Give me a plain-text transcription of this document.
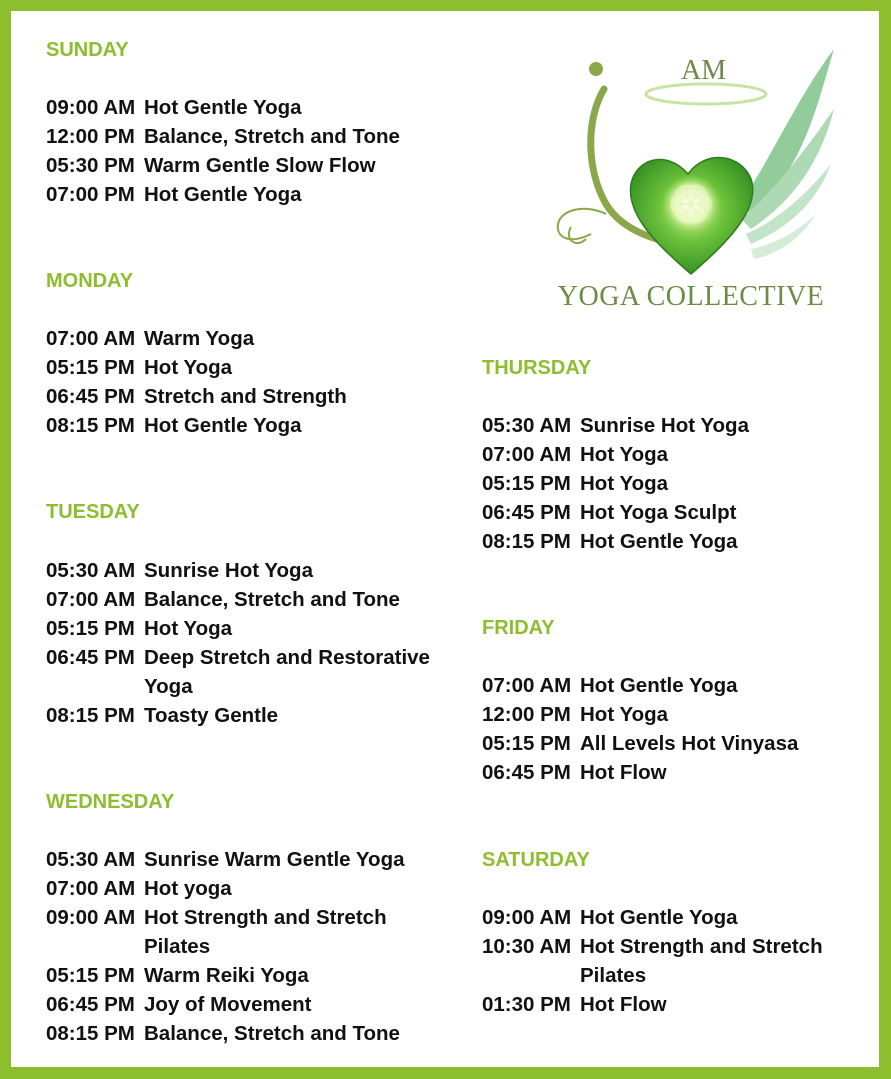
SUNDAY
09:00 AM Hot Gentle Yoga
12:00 PM Balance, Stretch and Tone
05:30 PM Warm Gentle Slow Flow
07:00 PM Hot Gentle Yoga
MONDAY
07:00 AM Warm Yoga
05:15 PM Hot Yoga
06:45 PM Stretch and Strength
08:15 PM Hot Gentle Yoga
TUESDAY
05:30 AM Sunrise Hot Yoga
07:00 AM Balance, Stretch and Tone
05:15 PM Hot Yoga
06:45 PM Deep Stretch and Restorative
Yoga
08:15 PM Toasty Gentle
WEDNESDAY
05:30 AM Sunrise Warm Gentle Yoga
07:00 AM Hot yoga
09:00 AM Hot Strength and Stretch
Pilates
05:15 PM Warm Reiki Yoga
06:45 PM Joy of Movement
08:15 PM Balance, Stretch and Tone
THURSDAY
05:30 AM Sunrise Hot Yoga
07:00 AM Hot Yoga
05:15 PM Hot Yoga
06:45 PM Hot Yoga Sculpt
08:15 PM Hot Gentle Yoga
FRIDAY
07:00 AM Hot Gentle Yoga
12:00 PM Hot Yoga
05:15 PM All Levels Hot Vinyasa
06:45 PM Hot Flow
SATURDAY
09:00 AM Hot Gentle Yoga
10:30 AM Hot Strength and Stretch
Pilates
01:30 PM Hot Flow
AM
YOGA COLLECTIVE
